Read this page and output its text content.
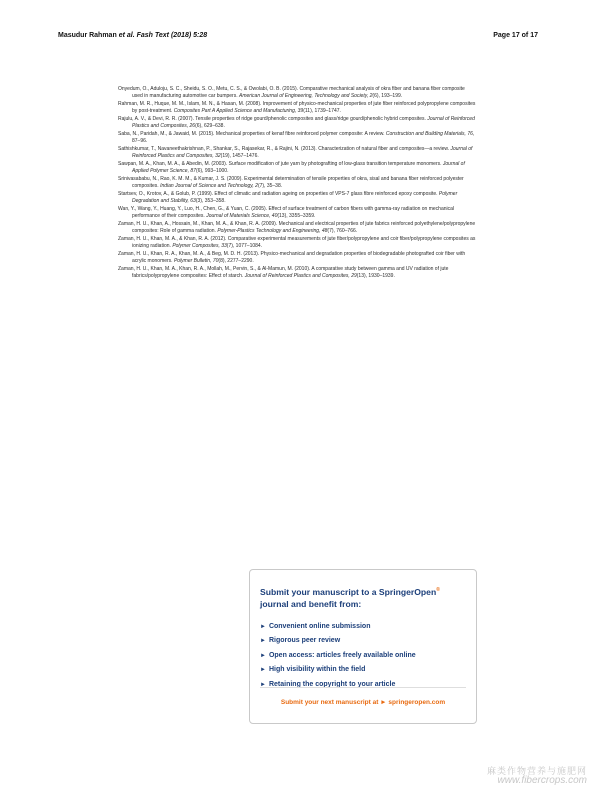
Masudur Rahman et al. Fash Text (2018) 5:28	Page 17 of 17

Onyedum, O., Aduloju, S. C., Sheidu, S. O., Metu, C. S., & Owolabi, O. B. (2015). Comparative mechanical analysis of okra fiber and banana fiber composite used in manufacturing automotive car bumpers. American Journal of Engineering, Technology and Society, 2(6), 193–199.

Rahman, M. R., Huque, M. M., Islam, M. N., & Hasan, M. (2008). Improvement of physico-mechanical properties of jute fiber reinforced polypropylene composites by post-treatment. Composites Part A Applied Science and Manufacturing, 39(11), 1739–1747.

Rajulu, A. V., & Devi, R. R. (2007). Tensile properties of ridge gourd/phenolic composites and glass/ridge gourd/phenolic hybrid composites. Journal of Reinforced Plastics and Composites, 26(6), 629–638.

Saba, N., Paridah, M., & Jawaid, M. (2015). Mechanical properties of kenaf fibre reinforced polymer composite: A review. Construction and Building Materials, 76, 87–96.

Sathishkumar, T., Navaneethakrishnan, P., Shankar, S., Rajasekar, R., & Rajini, N. (2013). Characterization of natural fiber and composites—a review. Journal of Reinforced Plastics and Composites, 32(19), 1457–1476.

Sawpan, M. A., Khan, M. A., & Abedin, M. (2003). Surface modification of jute yarn by photografting of low-glass transition temperature monomers. Journal of Applied Polymer Science, 87(6), 993–1000.

Srinivasababu, N., Rao, K. M. M., & Kumar, J. S. (2009). Experimental determination of tensile properties of okra, sisal and banana fiber reinforced polyester composites. Indian Journal of Science and Technology, 2(7), 35–38.

Startsev, O., Krotov, A., & Golub, P. (1999). Effect of climatic and radiation ageing on properties of VPS-7 glass fibre reinforced epoxy composite. Polymer Degradation and Stability, 63(3), 353–358.

Wan, Y., Wang, Y., Huang, Y., Luo, H., Chen, G., & Yuan, C. (2005). Effect of surface treatment of carbon fibers with gamma-ray radiation on mechanical performance of their composites. Journal of Materials Science, 40(13), 3355–3359.

Zaman, H. U., Khan, A., Hossain, M., Khan, M. A., & Khan, R. A. (2009). Mechanical and electrical properties of jute fabrics reinforced polyethylene/polypropylene composites: Role of gamma radiation. Polymer-Plastics Technology and Engineering, 48(7), 760–766.

Zaman, H. U., Khan, M. A., & Khan, R. A. (2012). Comparative experimental measurements of jute fiber/polypropylene and coir fiber/polypropylene composites as ionizing radiation. Polymer Composites, 33(7), 1077–1084.

Zaman, H. U., Khan, R. A., Khan, M. A., & Beg, M. D. H. (2013). Physico-mechanical and degradation properties of biodegradable photografted coir fiber with acrylic monomers. Polymer Bulletin, 70(8), 2277–2290.

Zaman, H. U., Khan, M. A., Khan, R. A., Mollah, M., Pervin, S., & Al-Mamun, M. (2010). A comparative study between gamma and UV radiation of jute fabrics/polypropylene composites: Effect of starch. Journal of Reinforced Plastics and Composites, 29(13), 1930–1939.

Submit your manuscript to a SpringerOpen®
journal and benefit from:
► Convenient online submission
► Rigorous peer review
► Open access: articles freely available online
► High visibility within the field
► Retaining the copyright to your article
Submit your next manuscript at ► springeropen.com
麻类作物营养与施肥网
www.fibercrops.com
